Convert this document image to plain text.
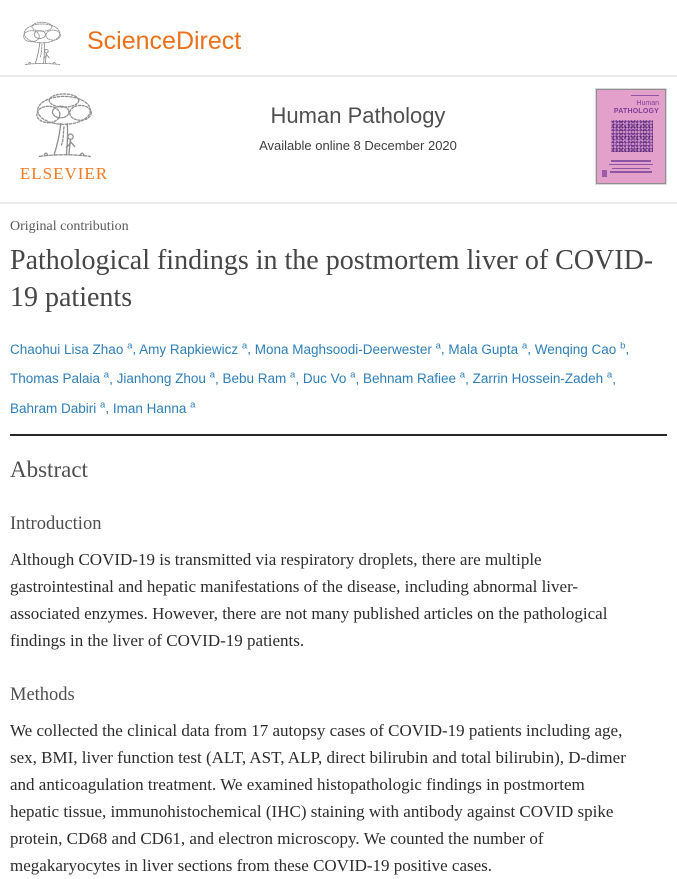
ScienceDirect
ELSEVIER
Human Pathology
Available online 8 December 2020
Human
PATHOLOGY
Original contribution
Pathological findings in the postmortem liver of COVID-19 patients
Chaohui Lisa Zhao $^a$, Amy Rapkiewicz $^a$, Mona Maghsoodi-Deerwester $^a$, Mala Gupta $^a$, Wenqing Cao $^b$, Thomas Palaia $^a$, Jianhong Zhou $^a$, Bebu Ram $^a$, Duc Vo $^a$, Behnam Rafiee $^a$, Zarrin Hossein-Zadeh $^a$, Bahram Dabiri $^a$, Iman Hanna $^a$
Abstract
Introduction

Although COVID-19 is transmitted via respiratory droplets, there are multiple gastrointestinal and hepatic manifestations of the disease, including abnormal liver-associated enzymes. However, there are not many published articles on the pathological findings in the liver of COVID-19 patients.

Methods

We collected the clinical data from 17 autopsy cases of COVID-19 patients including age, sex, BMI, liver function test (ALT, AST, ALP, direct bilirubin and total bilirubin), D-dimer and anticoagulation treatment. We examined histopathologic findings in postmortem hepatic tissue, immunohistochemical (IHC) staining with antibody against COVID spike protein, CD68 and CD61, and electron microscopy. We counted the number of megakaryocytes in liver sections from these COVID-19 positive cases.
